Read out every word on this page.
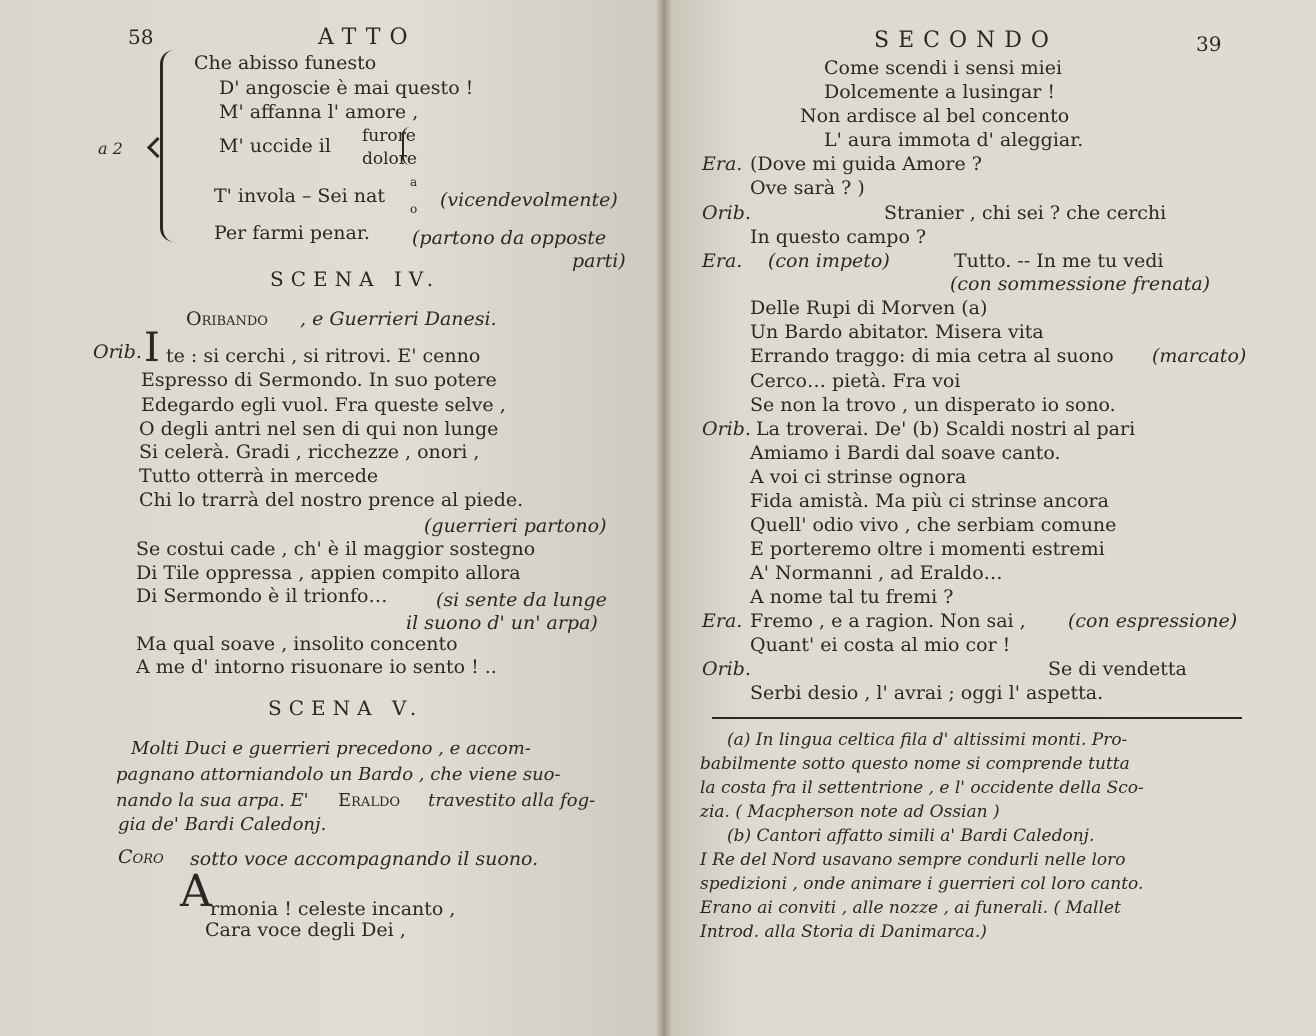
58	ATTO
a 2
Che abisso funesto
D' angoscie è mai questo !
M' affanna l' amore ,
M' uccide il furore
dolore
T' invola – Sei nat
a
o (vicendevolmente)
Per farmi penar. (partono da opposte
parti)
SCENA IV.
Oribando , e Guerrieri Danesi.
Orib. I te : si cerchi , si ritrovi. E' cenno
Espresso di Sermondo. In suo potere
Edegardo egli vuol. Fra queste selve ,
O degli antri nel sen di qui non lunge
Si celerà. Gradi , ricchezze , onori ,
Tutto otterrà in mercede
Chi lo trarrà del nostro prence al piede.
(guerrieri partono)
Se costui cade , ch' è il maggior sostegno
Di Tile oppressa , appien compito allora
Di Sermondo è il trionfo…	(si sente da lunge
il suono d' un' arpa)
Ma qual soave , insolito concento
A me d' intorno risuonare io sento ! ..
SCENA V.
Molti Duci e guerrieri precedono , e accom-
pagnano attorniandolo un Bardo , che viene suo-
nando la sua arpa. E' Eraldo travestito alla fog-
gia de' Bardi Caledonj.
Coro sotto voce accompagnando il suono.
A
rmonia ! celeste incanto ,
Cara voce degli Dei ,
SECONDO	39
Come scendi i sensi miei
Dolcemente a lusingar !
Non ardisce al bel concento
L' aura immota d' aleggiar.
Era. (Dove mi guida Amore ?
Ove sarà ? )
Orib.	Stranier , chi sei ? che cerchi
In questo campo ?
Era. (con impeto)	Tutto. -- In me tu vedi
(con sommessione frenata)
Delle Rupi di Morven (a)
Un Bardo abitator. Misera vita
Errando traggo: di mia cetra al suono (marcato)
Cerco… pietà. Fra voi
Se non la trovo , un disperato io sono.
Orib. La troverai. De' (b) Scaldi nostri al pari
Amiamo i Bardi dal soave canto.
A voi ci strinse ognora
Fida amistà. Ma più ci strinse ancora
Quell' odio vivo , che serbiam comune
E porteremo oltre i momenti estremi
A' Normanni , ad Eraldo…
A nome tal tu fremi ?
Era. Fremo , e a ragion. Non sai , (con espressione)
Quant' ei costa al mio cor !
Orib.	Se di vendetta
Serbi desio , l' avrai ; oggi l' aspetta.
(a) In lingua celtica fila d' altissimi monti. Pro-
babilmente sotto questo nome si comprende tutta
la costa fra il settentrione , e l' occidente della Sco-
zia. ( Macpherson note ad Ossian )
(b) Cantori affatto simili a' Bardi Caledonj.
I Re del Nord usavano sempre condurli nelle loro
spedizioni , onde animare i guerrieri col loro canto.
Erano ai conviti , alle nozze , ai funerali. ( Mallet
Introd. alla Storia di Danimarca.)
